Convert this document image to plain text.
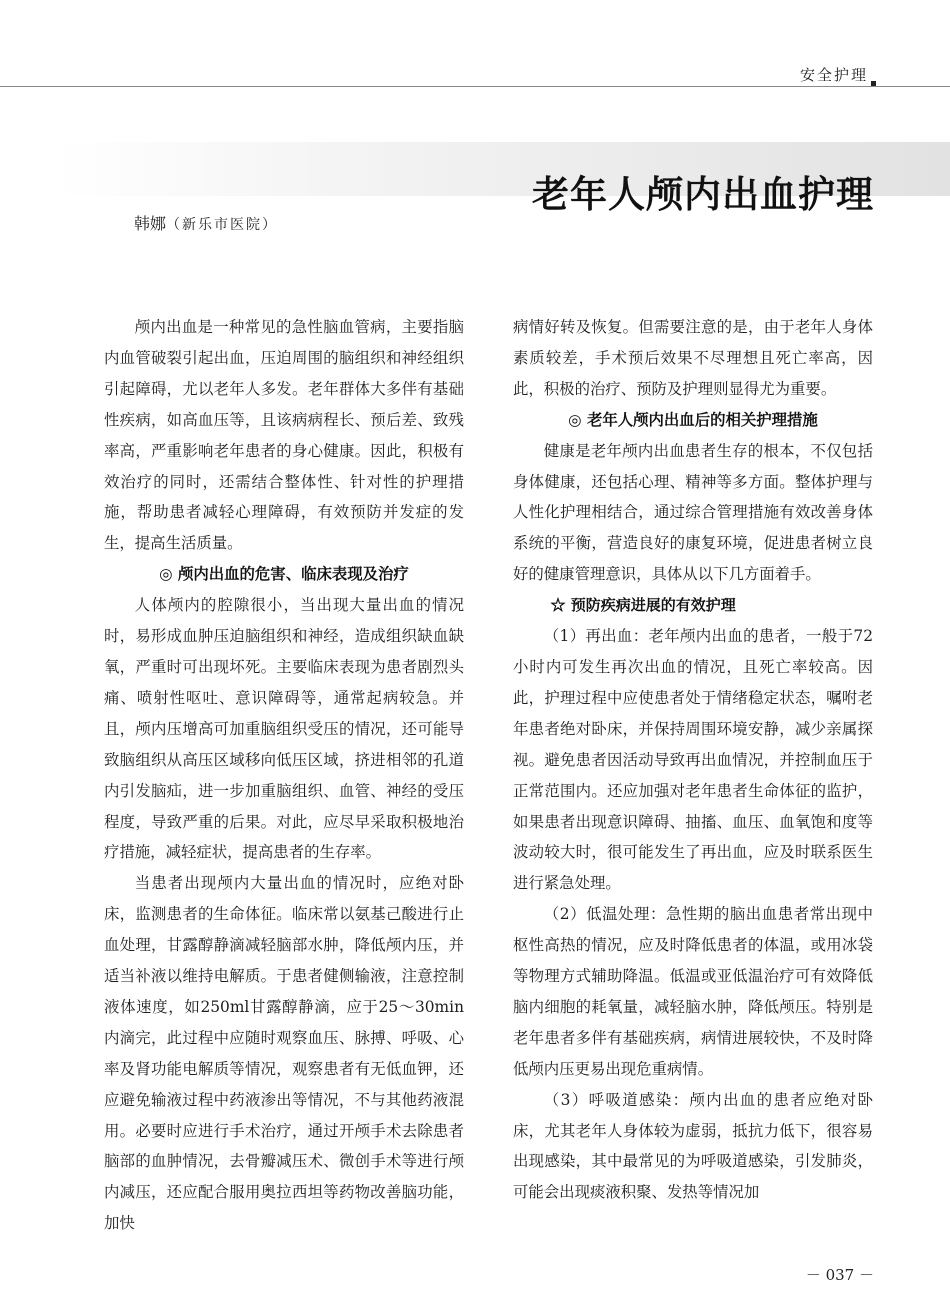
安全护理
老年人颅内出血护理
韩娜（新乐市医院）

颅内出血是一种常见的急性脑血管病，主要指脑内血管破裂引起出血，压迫周围的脑组织和神经组织引起障碍，尤以老年人多发。老年群体大多伴有基础性疾病，如高血压等，且该病病程长、预后差、致残率高，严重影响老年患者的身心健康。因此，积极有效治疗的同时，还需结合整体性、针对性的护理措施，帮助患者减轻心理障碍，有效预防并发症的发生，提高生活质量。

◎ 颅内出血的危害、临床表现及治疗

人体颅内的腔隙很小，当出现大量出血的情况时，易形成血肿压迫脑组织和神经，造成组织缺血缺氧，严重时可出现坏死。主要临床表现为患者剧烈头痛、喷射性呕吐、意识障碍等，通常起病较急。并且，颅内压增高可加重脑组织受压的情况，还可能导致脑组织从高压区域移向低压区域，挤进相邻的孔道内引发脑疝，进一步加重脑组织、血管、神经的受压程度，导致严重的后果。对此，应尽早采取积极地治疗措施，减轻症状，提高患者的生存率。

当患者出现颅内大量出血的情况时，应绝对卧床，监测患者的生命体征。临床常以氨基己酸进行止血处理，甘露醇静滴减轻脑部水肿，降低颅内压，并适当补液以维持电解质。于患者健侧输液，注意控制液体速度，如250ml甘露醇静滴，应于25～30min内滴完，此过程中应随时观察血压、脉搏、呼吸、心率及肾功能电解质等情况，观察患者有无低血钾，还应避免输液过程中药液渗出等情况，不与其他药液混用。必要时应进行手术治疗，通过开颅手术去除患者脑部的血肿情况，去骨瓣减压术、微创手术等进行颅内减压，还应配合服用奥拉西坦等药物改善脑功能，加快

病情好转及恢复。但需要注意的是，由于老年人身体素质较差，手术预后效果不尽理想且死亡率高，因此，积极的治疗、预防及护理则显得尤为重要。

◎ 老年人颅内出血后的相关护理措施

健康是老年颅内出血患者生存的根本，不仅包括身体健康，还包括心理、精神等多方面。整体护理与人性化护理相结合，通过综合管理措施有效改善身体系统的平衡，营造良好的康复环境，促进患者树立良好的健康管理意识，具体从以下几方面着手。

☆ 预防疾病进展的有效护理

（1）再出血：老年颅内出血的患者，一般于72小时内可发生再次出血的情况，且死亡率较高。因此，护理过程中应使患者处于情绪稳定状态，嘱咐老年患者绝对卧床，并保持周围环境安静，减少亲属探视。避免患者因活动导致再出血情况，并控制血压于正常范围内。还应加强对老年患者生命体征的监护，如果患者出现意识障碍、抽搐、血压、血氧饱和度等波动较大时，很可能发生了再出血，应及时联系医生进行紧急处理。

（2）低温处理：急性期的脑出血患者常出现中枢性高热的情况，应及时降低患者的体温，或用冰袋等物理方式辅助降温。低温或亚低温治疗可有效降低脑内细胞的耗氧量，减轻脑水肿，降低颅压。特别是老年患者多伴有基础疾病，病情进展较快，不及时降低颅内压更易出现危重病情。

（3）呼吸道感染：颅内出血的患者应绝对卧床，尤其老年人身体较为虚弱，抵抗力低下，很容易出现感染，其中最常见的为呼吸道感染，引发肺炎，可能会出现痰液积聚、发热等情况加

－ 037 －
